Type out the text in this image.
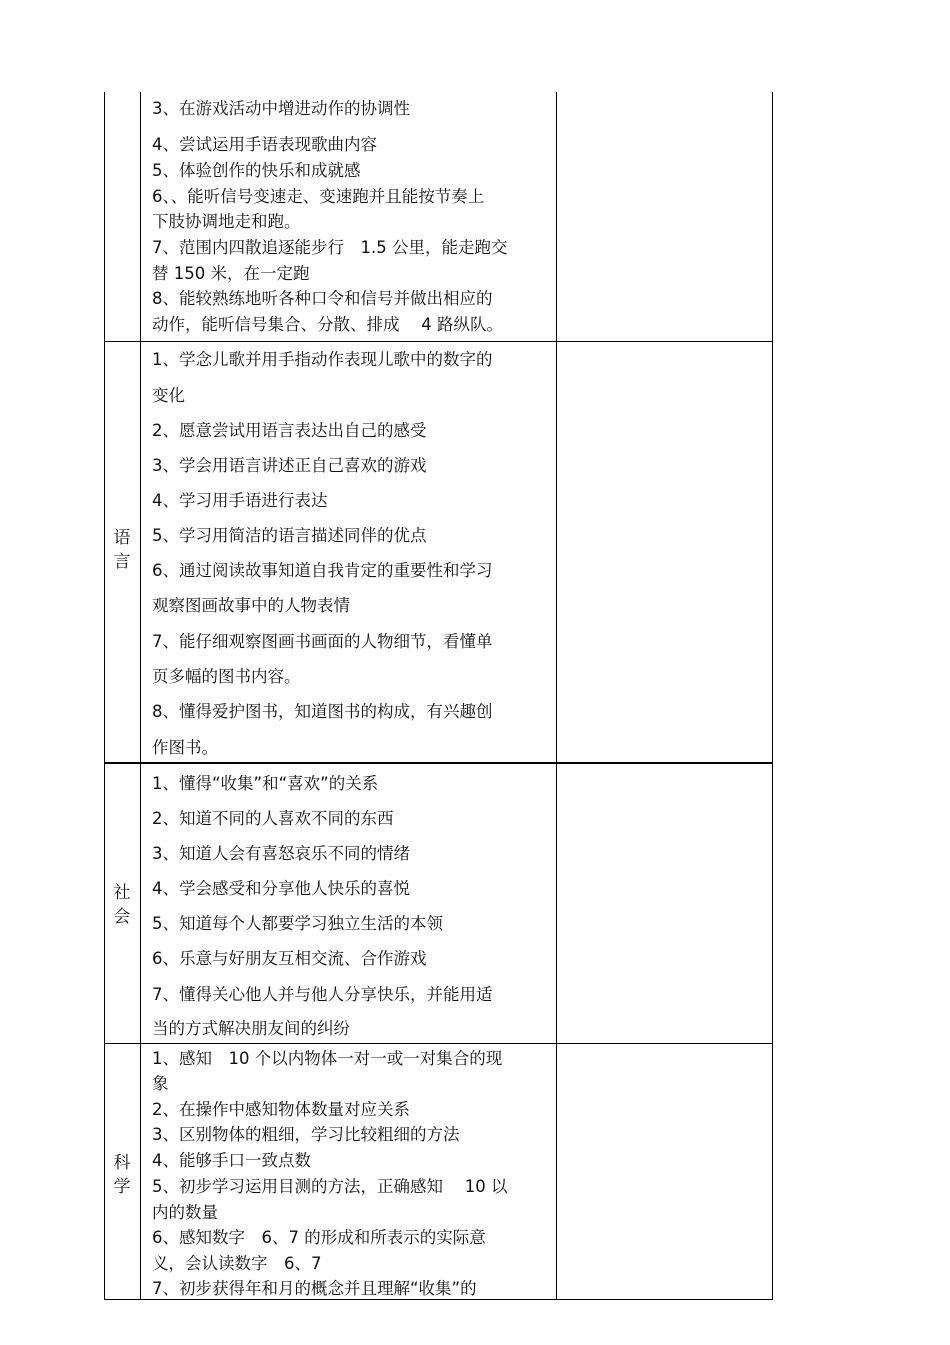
3、在游戏活动中增进动作的协调性
4、尝试运用手语表现歌曲内容
5、体验创作的快乐和成就感
6、、能听信号变速走、变速跑并且能按节奏上
下肢协调地走和跑。
7、范围内四散追逐能步行　1.5 公里，能走跑交
替 150 米，在一定跑
8、能较熟练地听各种口令和信号并做出相应的
动作，能听信号集合、分散、排成　 4 路纵队。
语
言
1、学念儿歌并用手指动作表现儿歌中的数字的
变化
2、愿意尝试用语言表达出自己的感受
3、学会用语言讲述正自己喜欢的游戏
4、学习用手语进行表达
5、学习用简洁的语言描述同伴的优点
6、通过阅读故事知道自我肯定的重要性和学习
观察图画故事中的人物表情
7、能仔细观察图画书画面的人物细节，看懂单
页多幅的图书内容。
8、懂得爱护图书，知道图书的构成，有兴趣创
作图书。
社
会
1、懂得“收集”和“喜欢”的关系
2、知道不同的人喜欢不同的东西
3、知道人会有喜怒哀乐不同的情绪
4、学会感受和分享他人快乐的喜悦
5、知道每个人都要学习独立生活的本领
6、乐意与好朋友互相交流、合作游戏
7、懂得关心他人并与他人分享快乐，并能用适
当的方式解决朋友间的纠纷
科
学
1、感知　10 个以内物体一对一或一对集合的现
象
2、在操作中感知物体数量对应关系
3、区别物体的粗细，学习比较粗细的方法
4、能够手口一致点数
5、初步学习运用目测的方法，正确感知　 10 以
内的数量
6、感知数字　6、7 的形成和所表示的实际意
义，会认读数字　6、7
7、初步获得年和月的概念并且理解“收集”的
